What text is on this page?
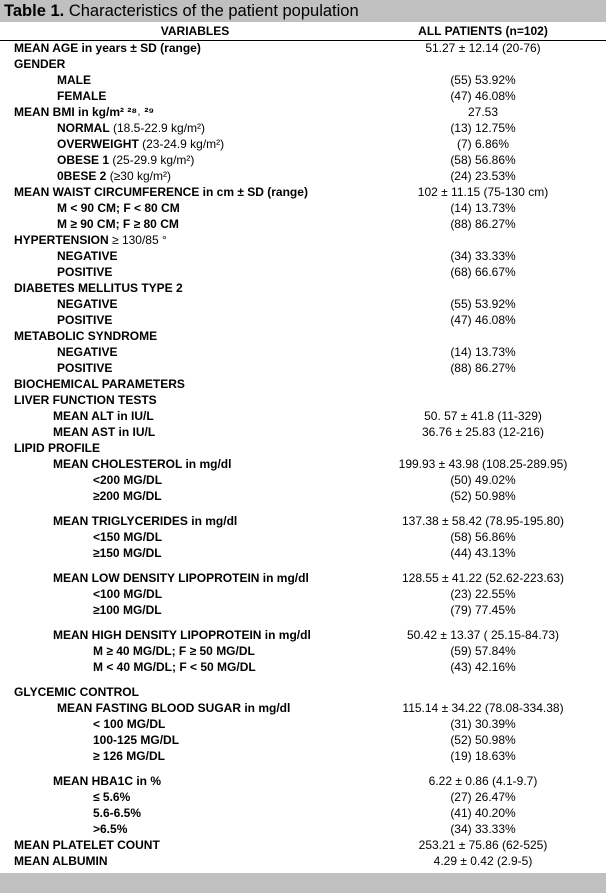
Table 1. Characteristics of the patient population
VARIABLES	ALL PATIENTS (n=102)
MEAN AGE in years ± SD (range)	51.27 ± 12.14 (20-76)
GENDER
MALE	(55) 53.92%
FEMALE	(47) 46.08%
MEAN BMI in kg/m² ²⁸˒ ²⁹	27.53
NORMAL (18.5-22.9 kg/m²)	(13) 12.75%
OVERWEIGHT (23-24.9 kg/m²)	(7) 6.86%
OBESE 1 (25-29.9 kg/m²)	(58) 56.86%
0BESE 2 (≥30 kg/m²)	(24) 23.53%
MEAN WAIST CIRCUMFERENCE in cm ± SD (range)	102 ± 11.15 (75-130 cm)
M < 90 CM; F < 80 CM	(14) 13.73%
M ≥ 90 CM; F ≥ 80 CM	(88) 86.27%
HYPERTENSION ≥ 130/85 °
NEGATIVE	(34) 33.33%
POSITIVE	(68) 66.67%
DIABETES MELLITUS TYPE 2
NEGATIVE	(55) 53.92%
POSITIVE	(47) 46.08%
METABOLIC SYNDROME
NEGATIVE	(14) 13.73%
POSITIVE	(88) 86.27%
BIOCHEMICAL PARAMETERS
LIVER FUNCTION TESTS
MEAN ALT in IU/L	50. 57 ± 41.8 (11-329)
MEAN AST in IU/L	36.76 ± 25.83 (12-216)
LIPID PROFILE
MEAN CHOLESTEROL in mg/dl	199.93 ± 43.98 (108.25-289.95)
<200 MG/DL	(50) 49.02%
≥200 MG/DL	(52) 50.98%
MEAN TRIGLYCERIDES in mg/dl	137.38 ± 58.42 (78.95-195.80)
<150 MG/DL	(58) 56.86%
≥150 MG/DL	(44) 43.13%
MEAN LOW DENSITY LIPOPROTEIN in mg/dl	128.55 ± 41.22 (52.62-223.63)
<100 MG/DL	(23) 22.55%
≥100 MG/DL	(79) 77.45%
MEAN HIGH DENSITY LIPOPROTEIN in mg/dl	50.42 ± 13.37 ( 25.15-84.73)
M ≥ 40 MG/DL; F ≥ 50 MG/DL	(59) 57.84%
M < 40 MG/DL; F < 50 MG/DL	(43) 42.16%
GLYCEMIC CONTROL
MEAN FASTING BLOOD SUGAR in mg/dl	115.14 ± 34.22 (78.08-334.38)
< 100 MG/DL	(31) 30.39%
100-125 MG/DL	(52) 50.98%
≥ 126 MG/DL	(19) 18.63%
MEAN HBA1C in %	6.22 ± 0.86 (4.1-9.7)
≤ 5.6%	(27) 26.47%
5.6-6.5%	(41) 40.20%
>6.5%	(34) 33.33%
MEAN PLATELET COUNT	253.21 ± 75.86 (62-525)
MEAN ALBUMIN	4.29 ± 0.42 (2.9-5)
